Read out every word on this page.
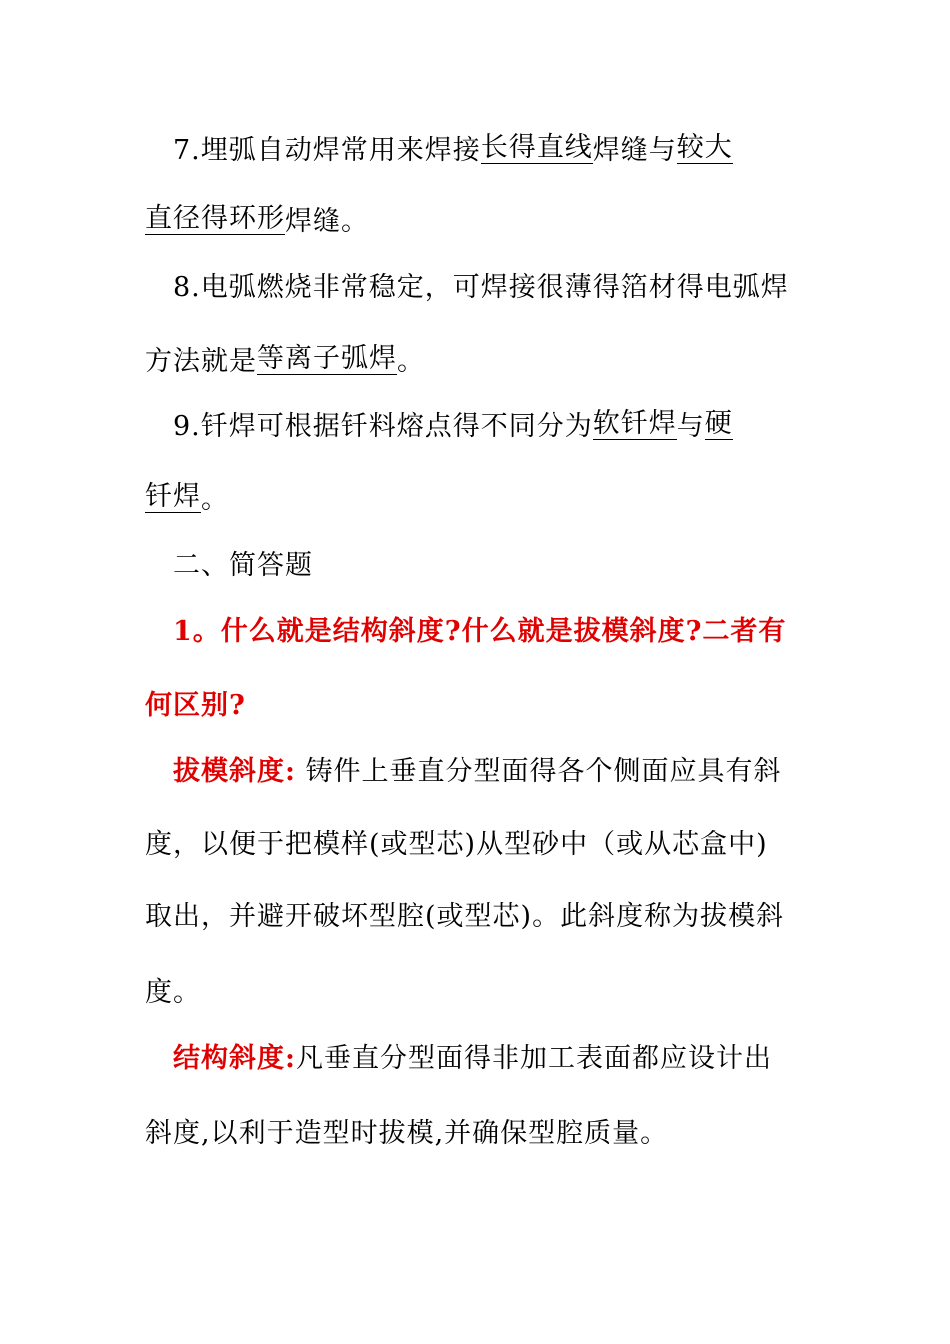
7.埋弧自动焊常用来焊接长得直线焊缝与较大
直径得环形焊缝。
8.电弧燃烧非常稳定，可焊接很薄得箔材得电弧焊
方法就是等离子弧焊。
9.钎焊可根据钎料熔点得不同分为软钎焊与硬
钎焊。
二、简答题
1。什么就是结构斜度?什么就是拔模斜度?二者有
何区别?
拔模斜度: 铸件上垂直分型面得各个侧面应具有斜
度，以便于把模样(或型芯)从型砂中（或从芯盒中)
取出，并避开破坏型腔(或型芯)。此斜度称为拔模斜
度。
结构斜度:凡垂直分型面得非加工表面都应设计出
斜度,以利于造型时拔模,并确保型腔质量。
